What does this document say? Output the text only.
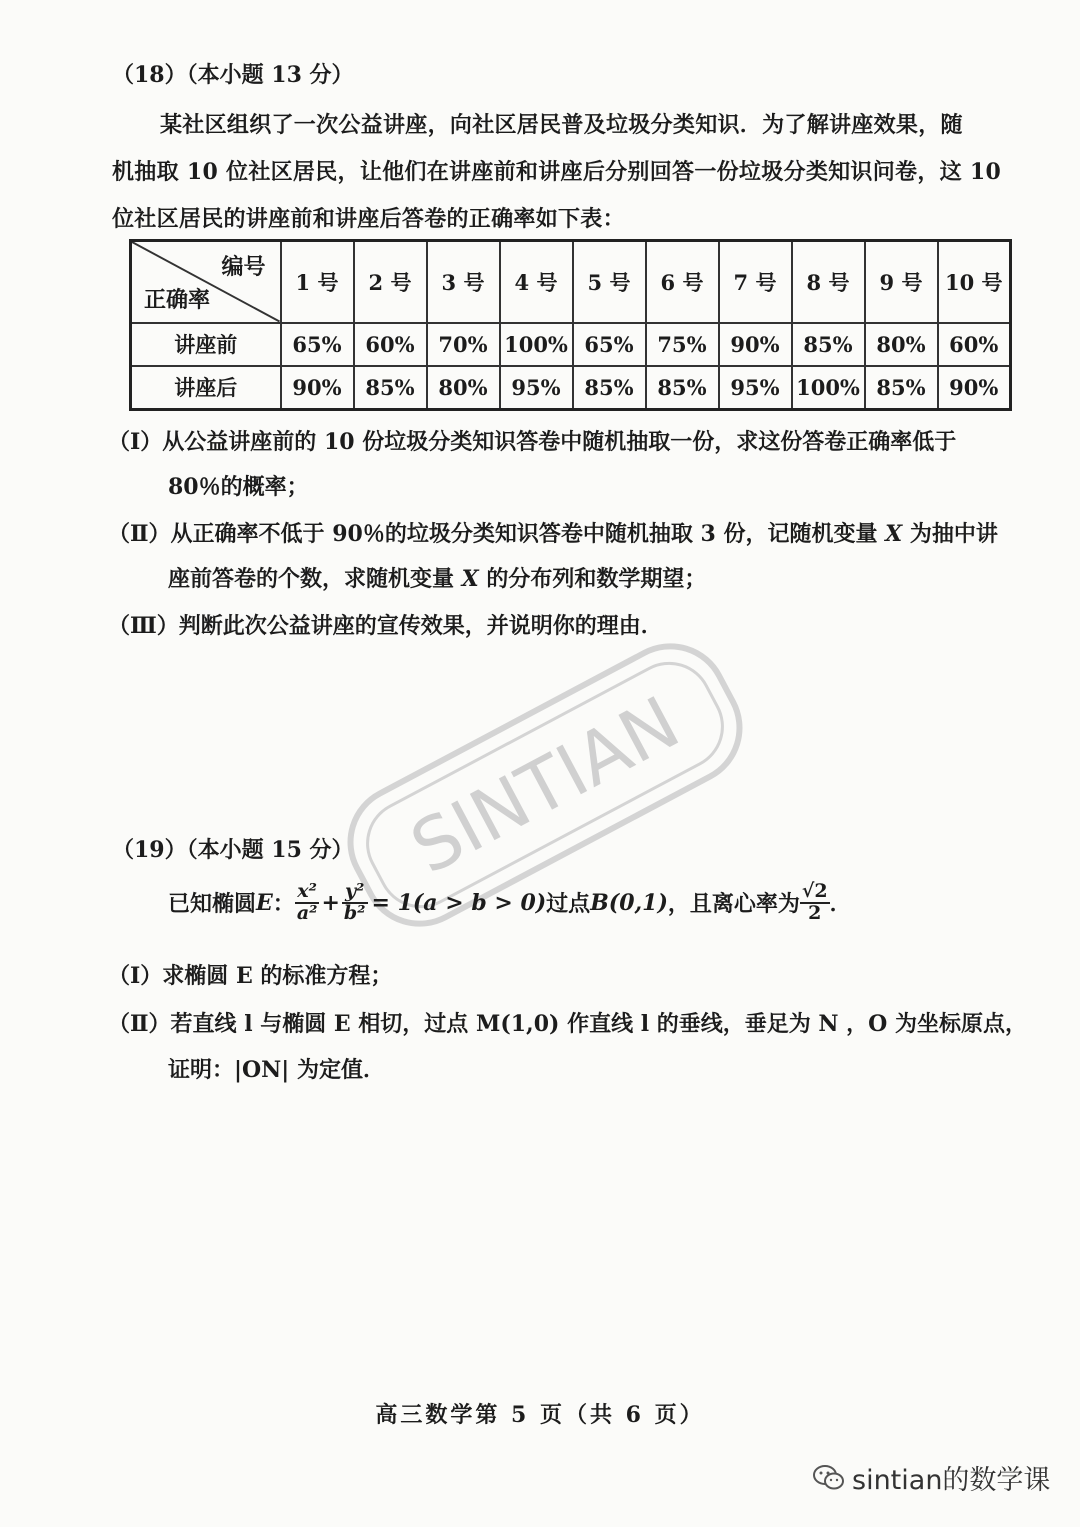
（18）（本小题 13 分）
某社区组织了一次公益讲座，向社区居民普及垃圾分类知识．为了解讲座效果，随
机抽取 10 位社区居民，让他们在讲座前和讲座后分别回答一份垃圾分类知识问卷，这 10
位社区居民的讲座前和讲座后答卷的正确率如下表：
编号
正确率	1 号	2 号	3 号	4 号	5 号	6 号	7 号	8 号	9 号	10 号
讲座前	65%	60%	70%	100%	65%	75%	90%	85%	80%	60%
讲座后	90%	85%	80%	95%	85%	85%	95%	100%	85%	90%
（Ⅰ）从公益讲座前的 10 份垃圾分类知识答卷中随机抽取一份，求这份答卷正确率低于
80％的概率；
（Ⅱ）从正确率不低于 90％的垃圾分类知识答卷中随机抽取 3 份，记随机变量 X 为抽中讲
座前答卷的个数，求随机变量 X 的分布列和数学期望；
（Ⅲ）判断此次公益讲座的宣传效果，并说明你的理由．
SINTIAN
（19）（本小题 15 分）
已知椭圆 E ： $\frac{\text{x²}}{\text{a²}} + \frac{\text{y²}}{\text{b²}} = 1(a > b > 0)$ 过点 B(0,1) ，且离心率为 $\frac{√2}{2}$ ．
（Ⅰ）求椭圆 E 的标准方程；
（Ⅱ）若直线 l 与椭圆 E 相切，过点 M(1,0) 作直线 l 的垂线，垂足为 N ，O 为坐标原点，
证明：|ON| 为定值．
高三数学第 5 页（共 6 页）
sintian的数学课
